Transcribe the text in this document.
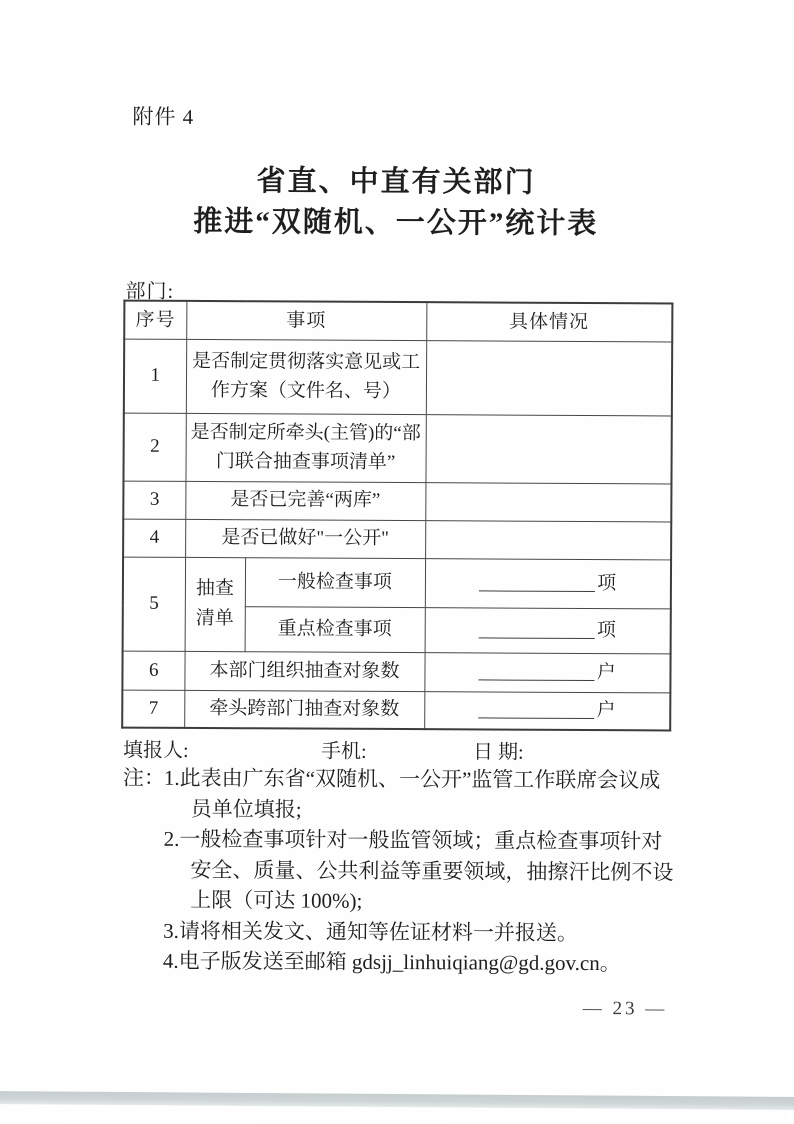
附件 4
省直、中直有关部门
推进“双随机、一公开”统计表
部门:
序号	事项		具体情况
1	是否制定贯彻落实意见或工作方案（文件名、号）		
2	是否制定所牵头(主管)的“部门联合抽查事项清单”		
3	是否已完善“两库”		
4	是否已做好"一公开"		
5	抽查清单	一般检查事项	项
		重点检查事项	项
6	本部门组织抽查对象数		户
7	牵头跨部门抽查对象数		户
填报人:	手机:	日 期:
注：
1.此表由广东省“双随机、一公开”监管工作联席会议成员单位填报;
2.一般检查事项针对一般监管领域；重点检查事项针对安全、质量、公共利益等重要领域，抽擦汗比例不设上限（可达 100%);
3.请将相关发文、通知等佐证材料一并报送。
4.电子版发送至邮箱 gdsjj_linhuiqiang@gd.gov.cn。
— 23 —
